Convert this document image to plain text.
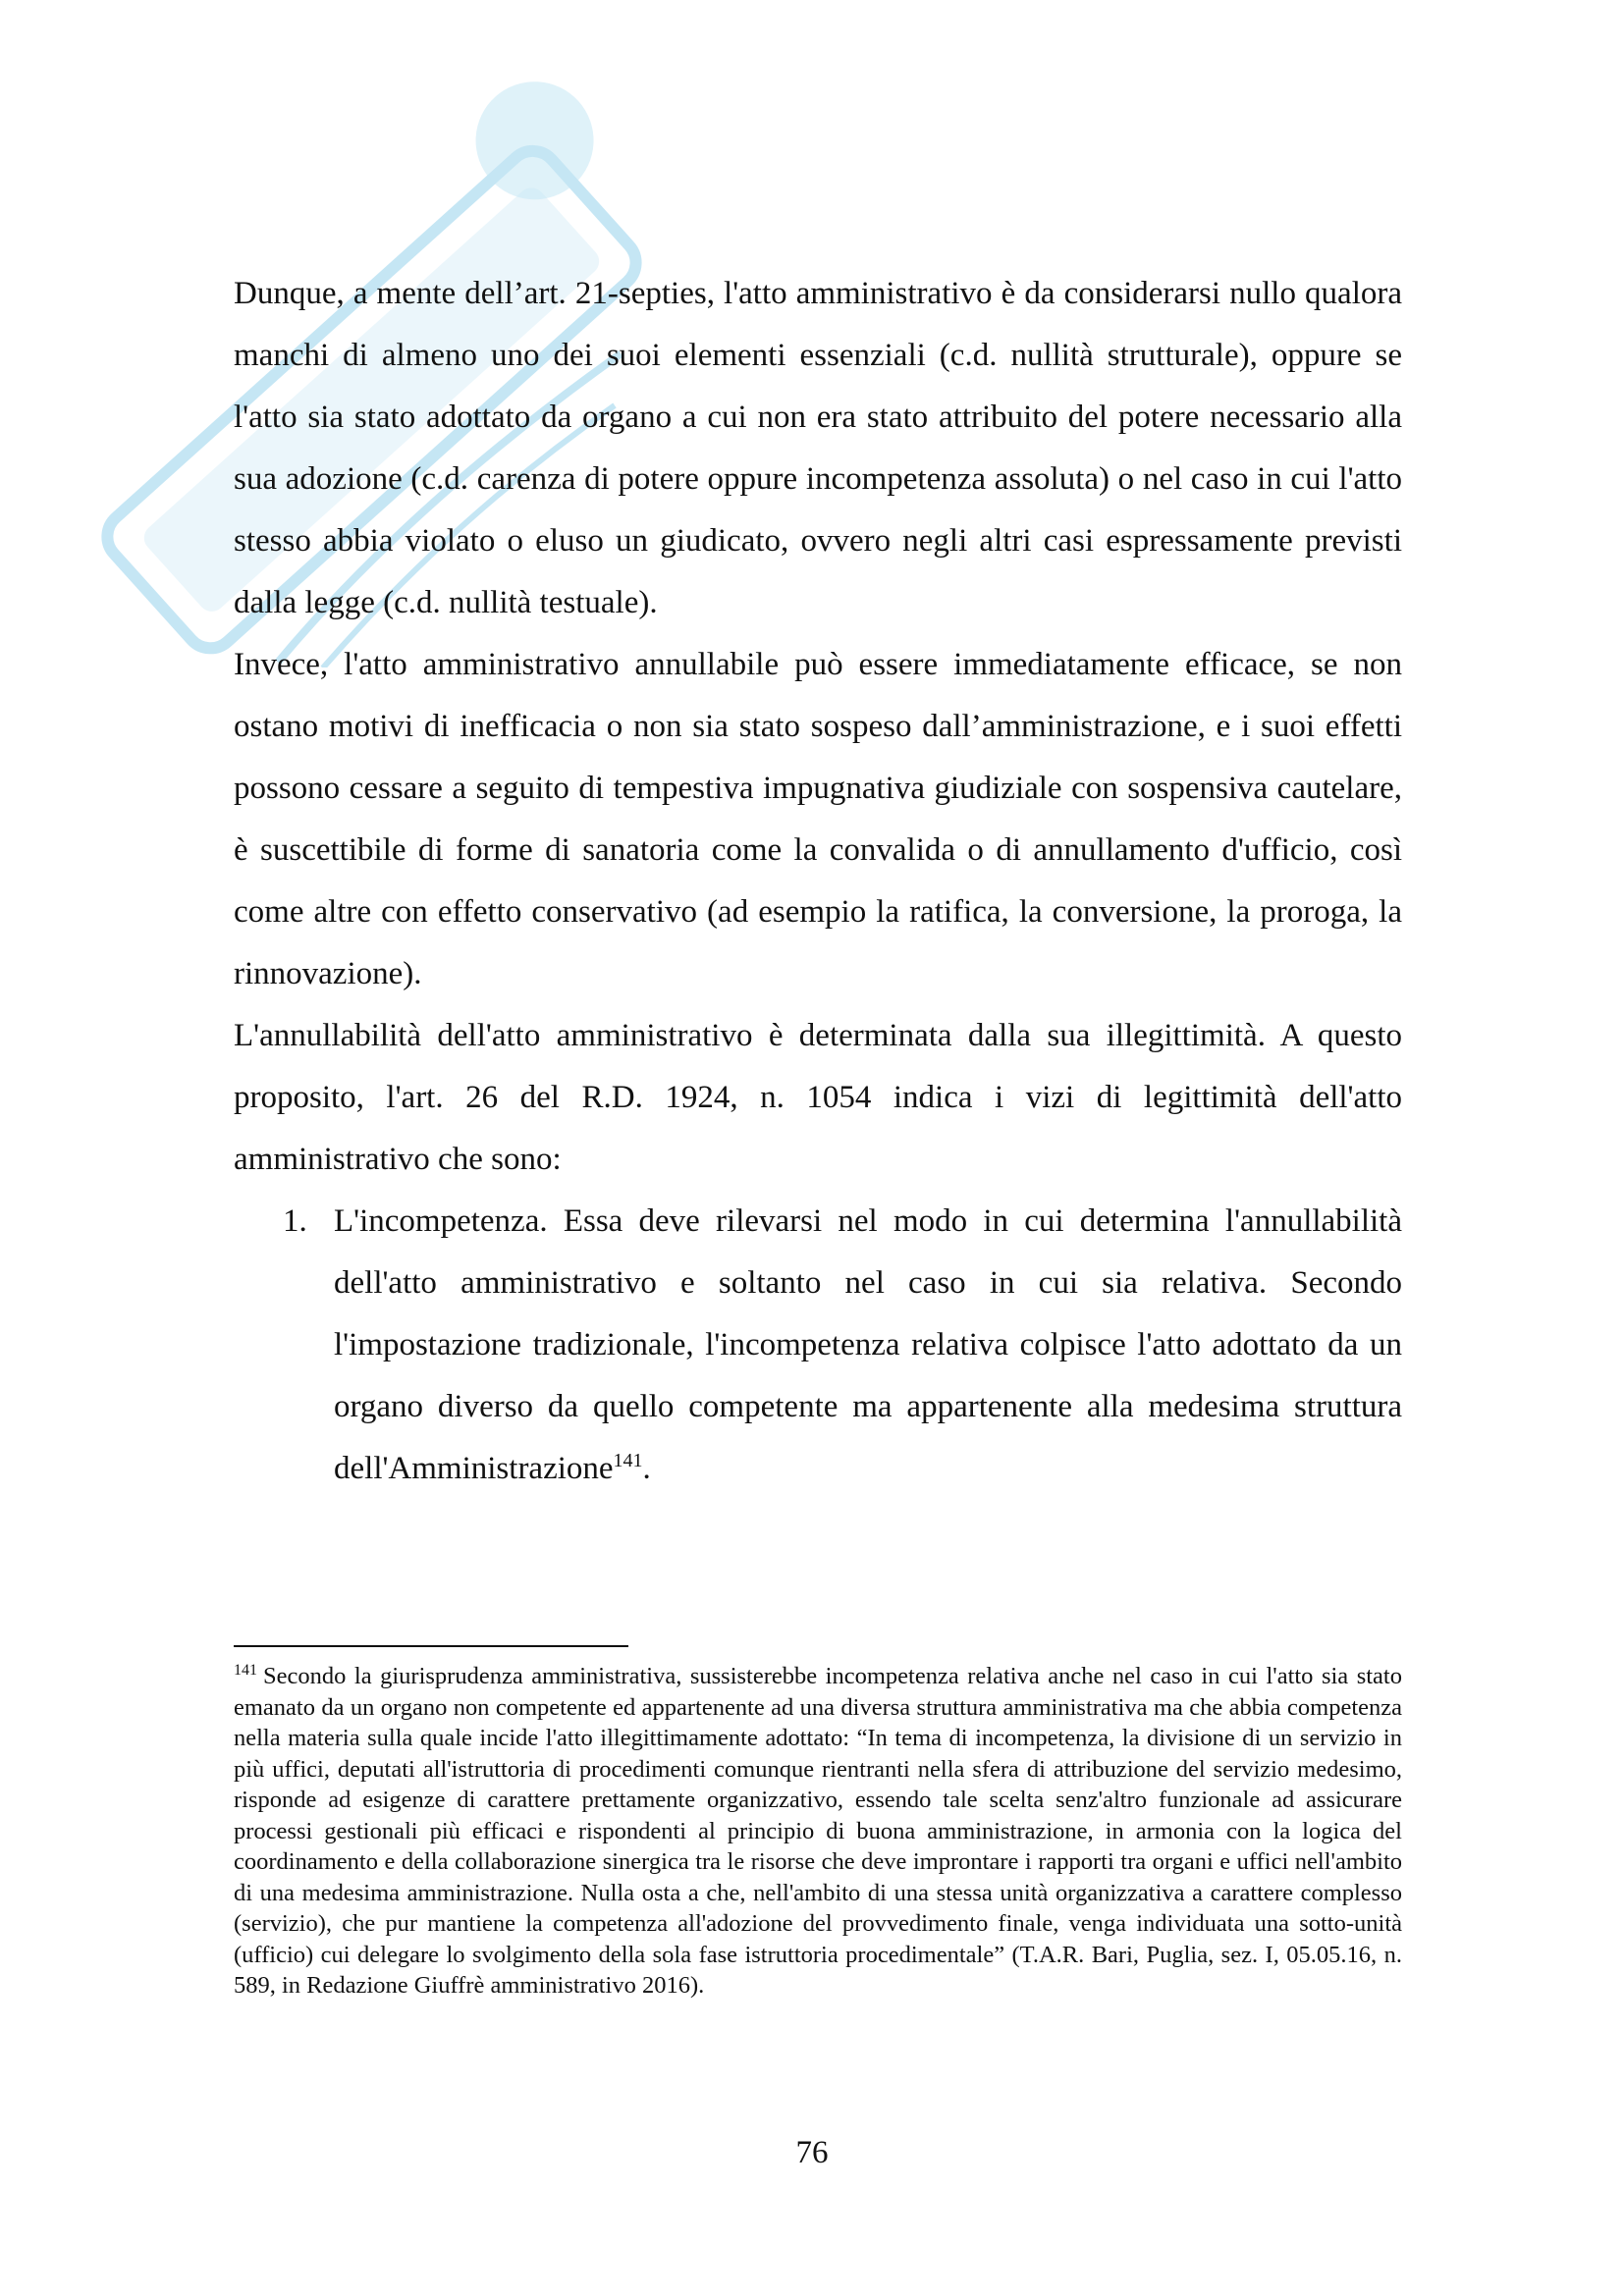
Dunque, a mente dell’art. 21-septies, l'atto amministrativo è da considerarsi nullo qualora manchi di almeno uno dei suoi elementi essenziali (c.d. nullità strutturale), oppure se l'atto sia stato adottato da organo a cui non era stato attribuito del potere necessario alla sua adozione (c.d. carenza di potere oppure incompetenza assoluta) o nel caso in cui l'atto stesso abbia violato o eluso un giudicato, ovvero negli altri casi espressamente previsti dalla legge (c.d. nullità testuale).

Invece, l'atto amministrativo annullabile può essere immediatamente efficace, se non ostano motivi di inefficacia o non sia stato sospeso dall’amministrazione, e i suoi effetti possono cessare a seguito di tempestiva impugnativa giudiziale con sospensiva cautelare, è suscettibile di forme di sanatoria come la convalida o di annullamento d'ufficio, così come altre con effetto conservativo (ad esempio la ratifica, la conversione, la proroga, la rinnovazione).

L'annullabilità dell'atto amministrativo è determinata dalla sua illegittimità. A questo proposito, l'art. 26 del R.D. 1924, n. 1054 indica i vizi di legittimità dell'atto amministrativo che sono:

1. L'incompetenza. Essa deve rilevarsi nel modo in cui determina l'annullabilità dell'atto amministrativo e soltanto nel caso in cui sia relativa. Secondo l'impostazione tradizionale, l'incompetenza relativa colpisce l'atto adottato da un organo diverso da quello competente ma appartenente alla medesima struttura dell'Amministrazione$^{141}$.

$^{141}$ Secondo la giurisprudenza amministrativa, sussisterebbe incompetenza relativa anche nel caso in cui l'atto sia stato emanato da un organo non competente ed appartenente ad una diversa struttura amministrativa ma che abbia competenza nella materia sulla quale incide l'atto illegittimamente adottato: “In tema di incompetenza, la divisione di un servizio in più uffici, deputati all'istruttoria di procedimenti comunque rientranti nella sfera di attribuzione del servizio medesimo, risponde ad esigenze di carattere prettamente organizzativo, essendo tale scelta senz'altro funzionale ad assicurare processi gestionali più efficaci e rispondenti al principio di buona amministrazione, in armonia con la logica del coordinamento e della collaborazione sinergica tra le risorse che deve improntare i rapporti tra organi e uffici nell'ambito di una medesima amministrazione. Nulla osta a che, nell'ambito di una stessa unità organizzativa a carattere complesso (servizio), che pur mantiene la competenza all'adozione del provvedimento finale, venga individuata una sotto-unità (ufficio) cui delegare lo svolgimento della sola fase istruttoria procedimentale” (T.A.R. Bari, Puglia, sez. I, 05.05.16, n. 589, in Redazione Giuffrè amministrativo 2016).

76
